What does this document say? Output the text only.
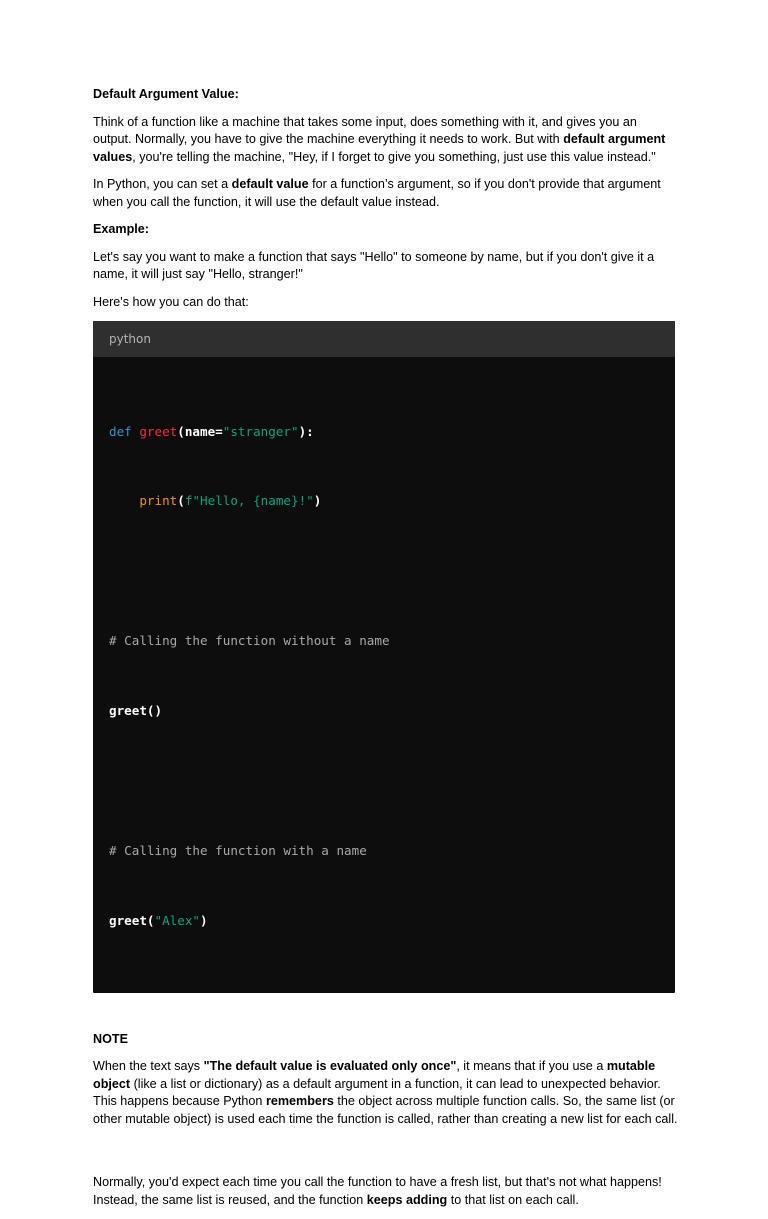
Default Argument Value:

Think of a function like a machine that takes some input, does something with it, and gives you an output. Normally, you have to give the machine everything it needs to work. But with default argument values, you're telling the machine, "Hey, if I forget to give you something, just use this value instead."

In Python, you can set a default value for a function’s argument, so if you don't provide that argument when you call the function, it will use the default value instead.

Example:

Let's say you want to make a function that says "Hello" to someone by name, but if you don't give it a name, it will just say "Hello, stranger!"

Here's how you can do that:

python

def greet(name="stranger"):

print(f"Hello, {name}!")

# Calling the function without a name

greet()

# Calling the function with a name

greet("Alex")

NOTE

When the text says "The default value is evaluated only once", it means that if you use a mutable object (like a list or dictionary) as a default argument in a function, it can lead to unexpected behavior. This happens because Python remembers the object across multiple function calls. So, the same list (or other mutable object) is used each time the function is called, rather than creating a new list for each call.

Normally, you'd expect each time you call the function to have a fresh list, but that's not what happens! Instead, the same list is reused, and the function keeps adding to that list on each call.
